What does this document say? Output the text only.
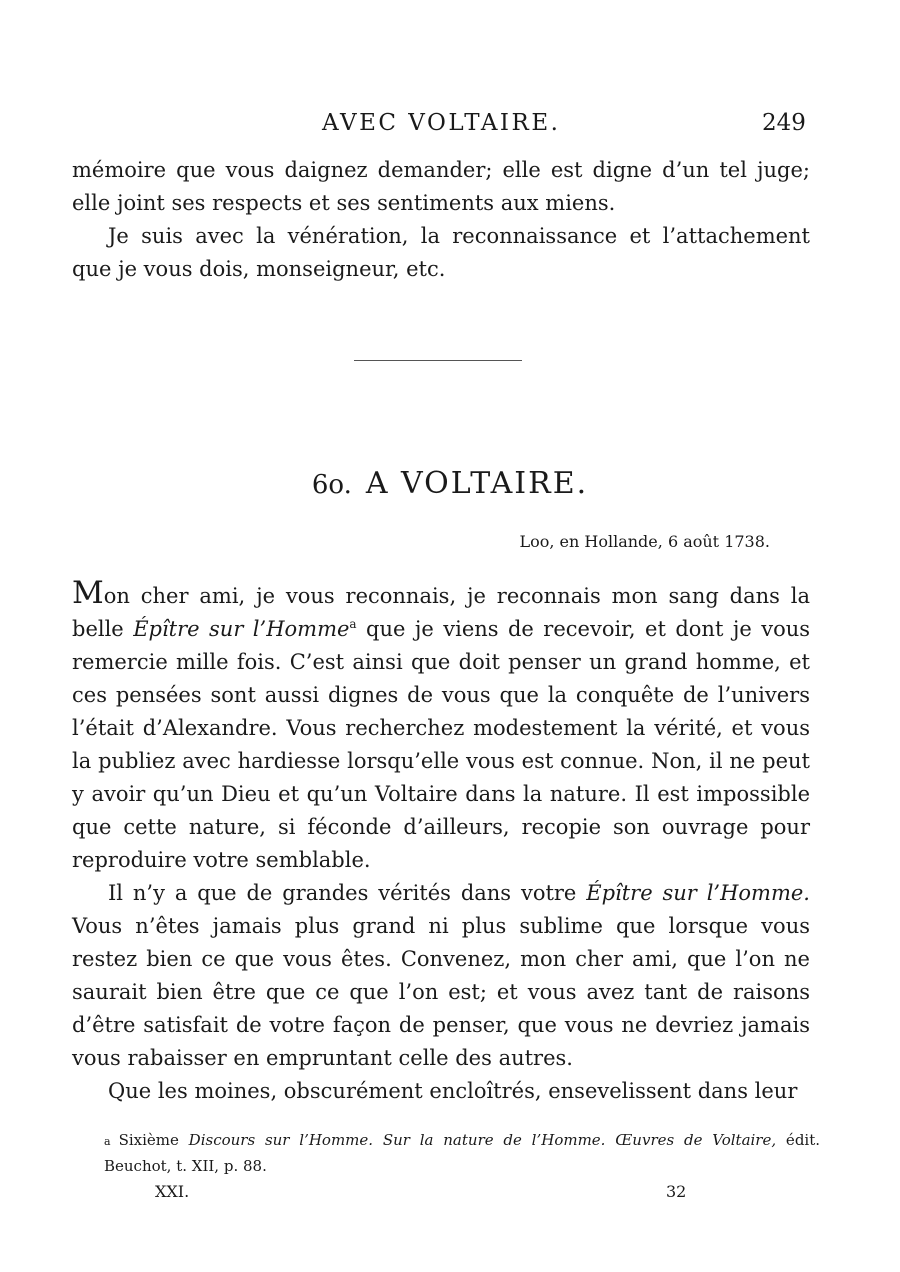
AVEC VOLTAIRE.	249

mémoire que vous daignez demander; elle est digne d’un tel juge; elle joint ses respects et ses sentiments aux miens.

Je suis avec la vénération, la reconnaissance et l’attachement que je vous dois, monseigneur, etc.

6o. A VOLTAIRE.
Loo, en Hollande, 6 août 1738.

Mon cher ami, je vous reconnais, je reconnais mon sang dans la belle Épître sur l’Homme$^a$ que je viens de recevoir, et dont je vous remercie mille fois. C’est ainsi que doit penser un grand homme, et ces pensées sont aussi dignes de vous que la conquête de l’univers l’était d’Alexandre. Vous recherchez modestement la vérité, et vous la publiez avec hardiesse lorsqu’elle vous est connue. Non, il ne peut y avoir qu’un Dieu et qu’un Voltaire dans la nature. Il est impossible que cette nature, si féconde d’ailleurs, recopie son ouvrage pour reproduire votre semblable.

Il n’y a que de grandes vérités dans votre Épître sur l’Homme. Vous n’êtes jamais plus grand ni plus sublime que lorsque vous restez bien ce que vous êtes. Convenez, mon cher ami, que l’on ne saurait bien être que ce que l’on est; et vous avez tant de raisons d’être satisfait de votre façon de penser, que vous ne devriez jamais vous rabaisser en empruntant celle des autres.

Que les moines, obscurément encloîtrés, ensevelissent dans leur

a Sixième Discours sur l’Homme. Sur la nature de l’Homme. Œuvres de Voltaire, édit. Beuchot, t. XII, p. 88.
XXI.	32
